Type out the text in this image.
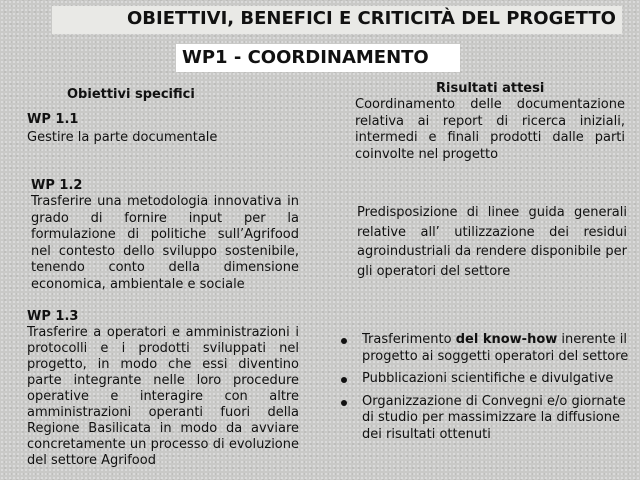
OBIETTIVI, BENEFICI E CRITICITÀ DEL PROGETTO
WP1 - COORDINAMENTO
Obiettivi specifici	Risultati attesi
WP 1.1
Gestire la parte documentale
Coordinamento delle documentazione relativa ai report di ricerca iniziali, intermedi e finali prodotti dalle parti coinvolte nel progetto
WP 1.2
Trasferire una metodologia innovativa in grado di fornire input per la formulazione di politiche sull’Agrifood nel contesto dello sviluppo sostenibile, tenendo conto della dimensione economica, ambientale e sociale
Predisposizione di linee guida generali relative all’ utilizzazione dei residui agroindustriali da rendere disponibile per gli operatori del settore
WP 1.3
Trasferire a operatori e amministrazioni i protocolli e i prodotti sviluppati nel progetto, in modo che essi diventino parte integrante nelle loro procedure operative e interagire con altre amministrazioni operanti fuori della Regione Basilicata in modo da avviare concretamente un processo di evoluzione del settore Agrifood
Trasferimento del know-how inerente il progetto ai soggetti operatori del settore
Pubblicazioni scientifiche e divulgative
Organizzazione di Convegni e/o giornate di studio per massimizzare la diffusione dei risultati ottenuti
